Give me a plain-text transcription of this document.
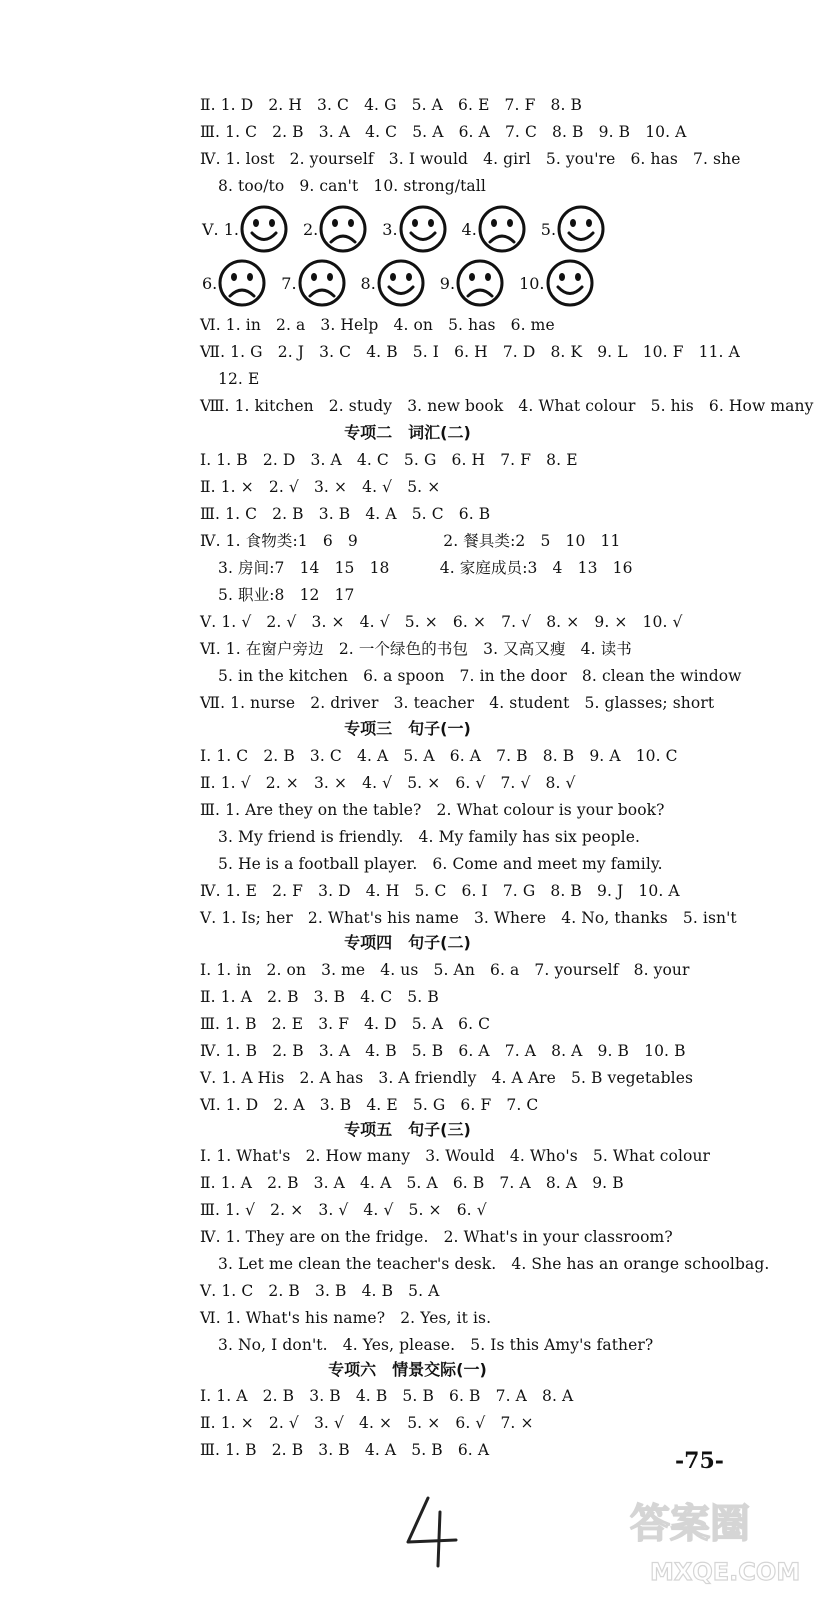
Ⅱ. 1. D   2. H   3. C   4. G   5. A   6. E   7. F   8. B
Ⅲ. 1. C   2. B   3. A   4. C   5. A   6. A   7. C   8. B   9. B   10. A
Ⅳ. 1. lost   2. yourself   3. I would   4. girl   5. you're   6. has   7. she
8. too/to   9. can't   10. strong/tall
Ⅴ. 1.	2.	3.	4.	5.
6.	7.	8.	9.	10.
Ⅵ. 1. in   2. a   3. Help   4. on   5. has   6. me
Ⅶ. 1. G   2. J   3. C   4. B   5. I   6. H   7. D   8. K   9. L   10. F   11. A
12. E
Ⅷ. 1. kitchen   2. study   3. new book   4. What colour   5. his   6. How many
专项二　词汇(二)
Ⅰ. 1. B   2. D   3. A   4. C   5. G   6. H   7. F   8. E
Ⅱ. 1. ×   2. √   3. ×   4. √   5. ×
Ⅲ. 1. C   2. B   3. B   4. A   5. C   6. B
Ⅳ. 1. 食物类:1   6   9                 2. 餐具类:2   5   10   11
3. 房间:7   14   15   18          4. 家庭成员:3   4   13   16
5. 职业:8   12   17
Ⅴ. 1. √   2. √   3. ×   4. √   5. ×   6. ×   7. √   8. ×   9. ×   10. √
Ⅵ. 1. 在窗户旁边   2. 一个绿色的书包   3. 又高又瘦   4. 读书
5. in the kitchen   6. a spoon   7. in the door   8. clean the window
Ⅶ. 1. nurse   2. driver   3. teacher   4. student   5. glasses; short
专项三　句子(一)
Ⅰ. 1. C   2. B   3. C   4. A   5. A   6. A   7. B   8. B   9. A   10. C
Ⅱ. 1. √   2. ×   3. ×   4. √   5. ×   6. √   7. √   8. √
Ⅲ. 1. Are they on the table?   2. What colour is your book?
3. My friend is friendly.   4. My family has six people.
5. He is a football player.   6. Come and meet my family.
Ⅳ. 1. E   2. F   3. D   4. H   5. C   6. I   7. G   8. B   9. J   10. A
Ⅴ. 1. Is; her   2. What's his name   3. Where   4. No, thanks   5. isn't
专项四　句子(二)
Ⅰ. 1. in   2. on   3. me   4. us   5. An   6. a   7. yourself   8. your
Ⅱ. 1. A   2. B   3. B   4. C   5. B
Ⅲ. 1. B   2. E   3. F   4. D   5. A   6. C
Ⅳ. 1. B   2. B   3. A   4. B   5. B   6. A   7. A   8. A   9. B   10. B
Ⅴ. 1. A His   2. A has   3. A friendly   4. A Are   5. B vegetables
Ⅵ. 1. D   2. A   3. B   4. E   5. G   6. F   7. C
专项五　句子(三)
Ⅰ. 1. What's   2. How many   3. Would   4. Who's   5. What colour
Ⅱ. 1. A   2. B   3. A   4. A   5. A   6. B   7. A   8. A   9. B
Ⅲ. 1. √   2. ×   3. √   4. √   5. ×   6. √
Ⅳ. 1. They are on the fridge.   2. What's in your classroom?
3. Let me clean the teacher's desk.   4. She has an orange schoolbag.
Ⅴ. 1. C   2. B   3. B   4. B   5. A
Ⅵ. 1. What's his name?   2. Yes, it is.
3. No, I don't.   4. Yes, please.   5. Is this Amy's father?
专项六　情景交际(一)
Ⅰ. 1. A   2. B   3. B   4. B   5. B   6. B   7. A   8. A
Ⅱ. 1. ×   2. √   3. √   4. ×   5. ×   6. √   7. ×
Ⅲ. 1. B   2. B   3. B   4. A   5. B   6. A	-75-
答案圈
MXQE.COM
